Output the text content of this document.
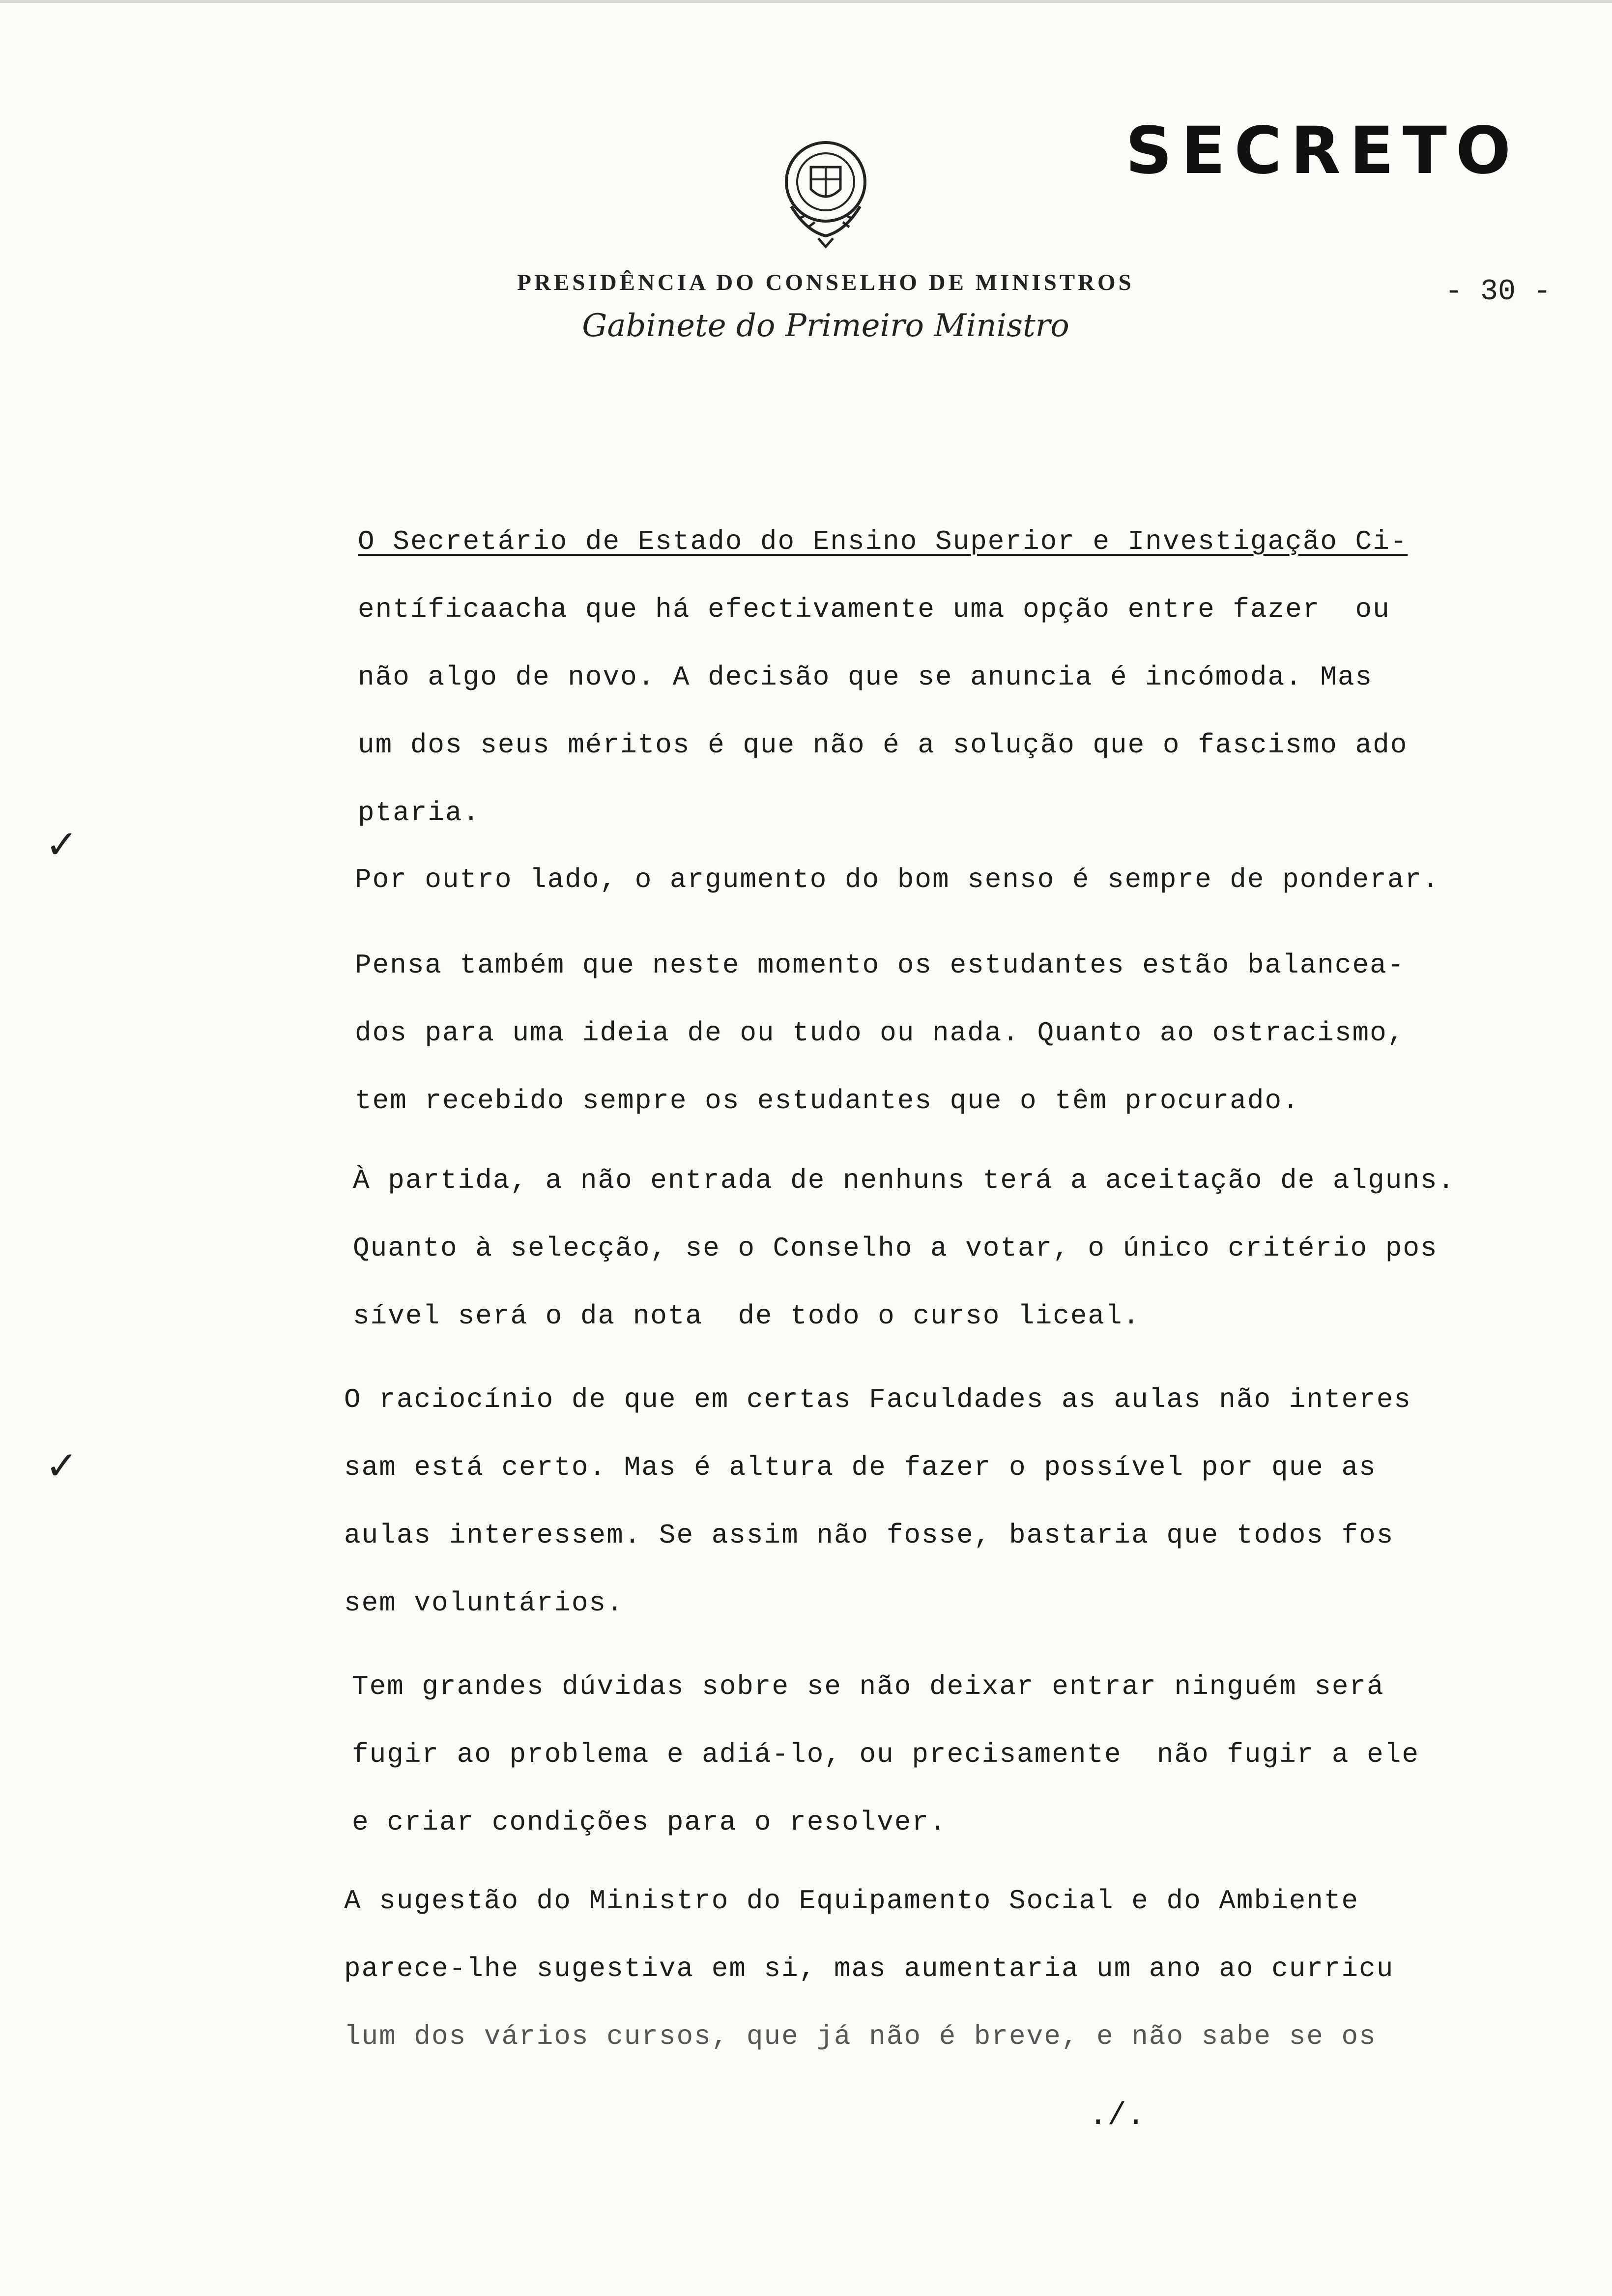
SECRETO
PRESIDÊNCIA DO CONSELHO DE MINISTROS
Gabinete do Primeiro Ministro
- 30 -
O Secretário de Estado do Ensino Superior e Investigação Ci-
entíficaacha que há efectivamente uma opção entre fazer  ou
não algo de novo. A decisão que se anuncia é incómoda. Mas
um dos seus méritos é que não é a solução que o fascismo ado
ptaria.
Por outro lado, o argumento do bom senso é sempre de ponderar.
Pensa também que neste momento os estudantes estão balancea-
dos para uma ideia de ou tudo ou nada. Quanto ao ostracismo,
tem recebido sempre os estudantes que o têm procurado.
À partida, a não entrada de nenhuns terá a aceitação de alguns.
Quanto à selecção, se o Conselho a votar, o único critério pos
sível será o da nota  de todo o curso liceal.
O raciocínio de que em certas Faculdades as aulas não interes
sam está certo. Mas é altura de fazer o possível por que as
aulas interessem. Se assim não fosse, bastaria que todos fos
sem voluntários.
Tem grandes dúvidas sobre se não deixar entrar ninguém será
fugir ao problema e adiá-lo, ou precisamente  não fugir a ele
e criar condições para o resolver.
A sugestão do Ministro do Equipamento Social e do Ambiente
parece-lhe sugestiva em si, mas aumentaria um ano ao curricu
lum dos vários cursos, que já não é breve, e não sabe se os
✓
✓
./.
